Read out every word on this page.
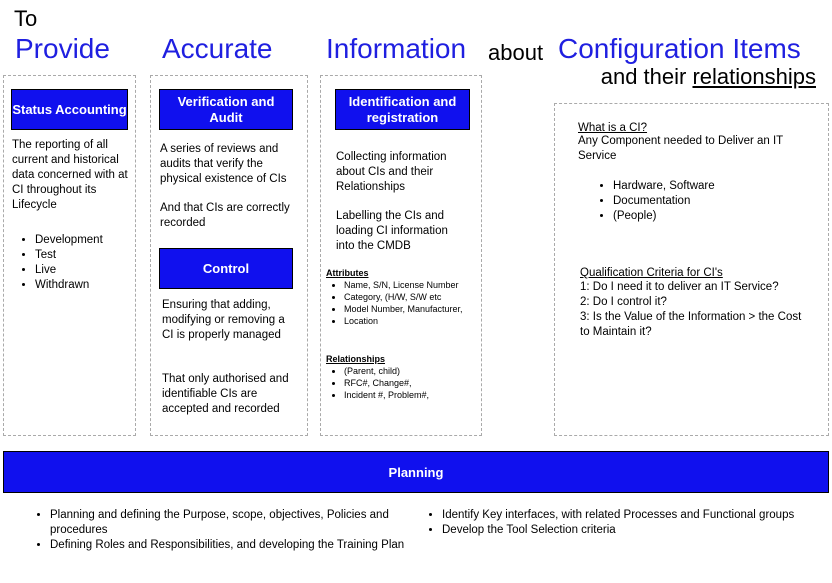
To
Provide Accurate Information about Configuration Items
and their relationships
Status Accounting
The reporting of all current and historical data concerned with at CI throughout its Lifecycle
• Development
• Test
• Live
• Withdrawn
Verification and Audit
A series of reviews and audits that verify the physical existence of CIs
And that CIs are correctly recorded
Control
Ensuring that adding, modifying or removing a CI is properly managed
That only authorised and identifiable CIs are accepted and recorded
Identification and registration
Collecting information about CIs and their Relationships
Labelling the CIs and loading CI information into the CMDB
Attributes
• Name, S/N, License Number
• Category, (H/W, S/W etc
• Model Number, Manufacturer,
• Location
Relationships
• (Parent, child)
• RFC#, Change#,
• Incident #, Problem#,
What is a CI?
Any Component needed to Deliver an IT Service
• Hardware, Software
• Documentation
• (People)
Qualification Criteria for CI's
1: Do I need it to deliver an IT Service?
2: Do I control it?
3: Is the Value of the Information > the Cost to Maintain it?
Planning
• Planning and defining the Purpose, scope, objectives, Policies and procedures
• Defining Roles and Responsibilities, and developing the Training Plan
• Identify Key interfaces, with related Processes and Functional groups
• Develop the Tool Selection criteria
